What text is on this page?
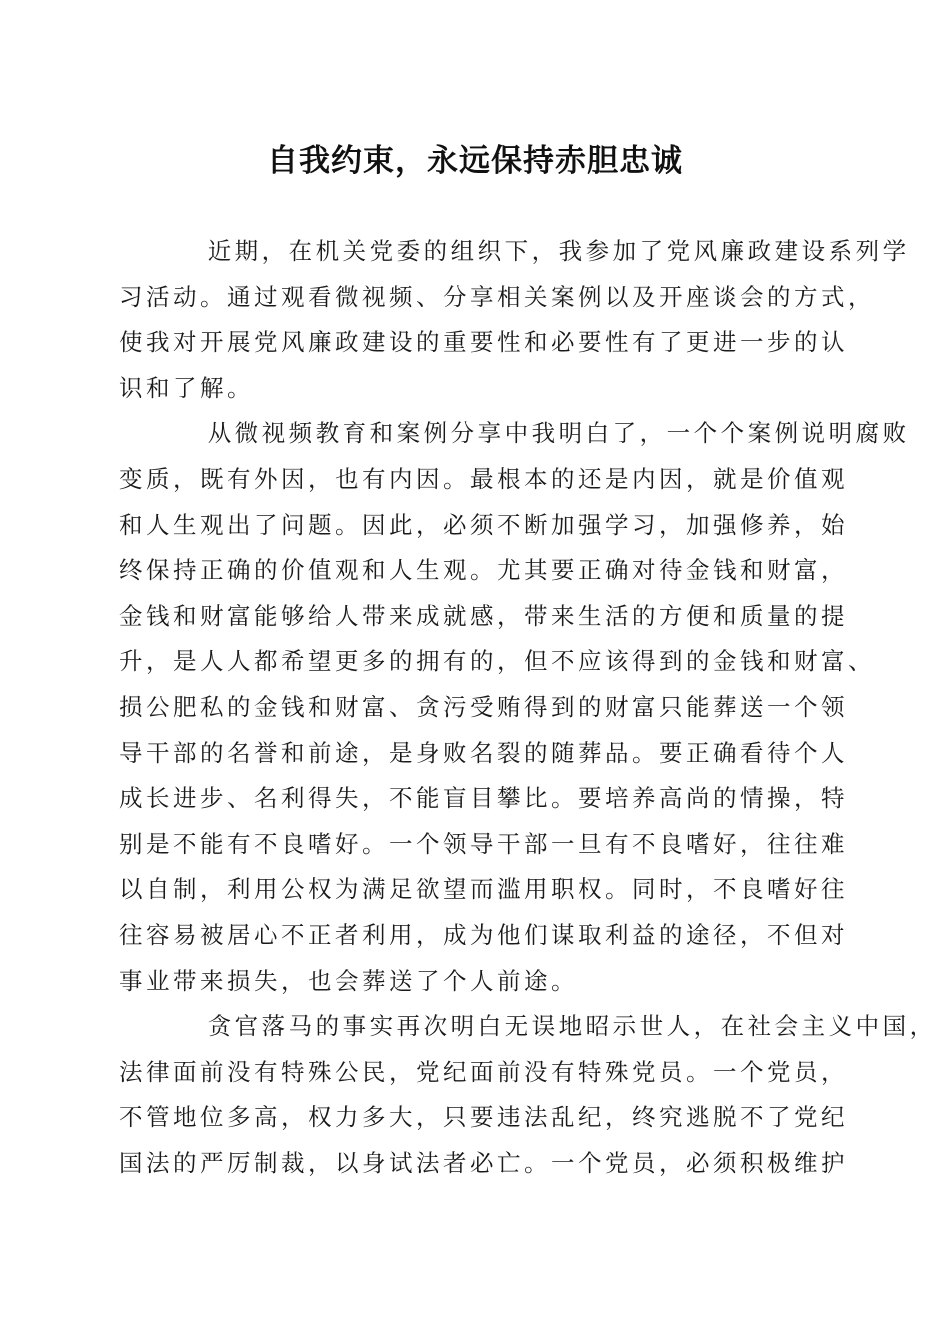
自我约束，永远保持赤胆忠诚

近期，在机关党委的组织下，我参加了党风廉政建设系列学
习活动。通过观看微视频、分享相关案例以及开座谈会的方式，
使我对开展党风廉政建设的重要性和必要性有了更进一步的认
识和了解。

从微视频教育和案例分享中我明白了，一个个案例说明腐败
变质，既有外因，也有内因。最根本的还是内因，就是价值观
和人生观出了问题。因此，必须不断加强学习，加强修养，始
终保持正确的价值观和人生观。尤其要正确对待金钱和财富，
金钱和财富能够给人带来成就感，带来生活的方便和质量的提
升，是人人都希望更多的拥有的，但不应该得到的金钱和财富、
损公肥私的金钱和财富、贪污受贿得到的财富只能葬送一个领
导干部的名誉和前途，是身败名裂的随葬品。要正确看待个人
成长进步、名利得失，不能盲目攀比。要培养高尚的情操，特
别是不能有不良嗜好。一个领导干部一旦有不良嗜好，往往难
以自制，利用公权为满足欲望而滥用职权。同时，不良嗜好往
往容易被居心不正者利用，成为他们谋取利益的途径，不但对
事业带来损失，也会葬送了个人前途。

贪官落马的事实再次明白无误地昭示世人，在社会主义中国，
法律面前没有特殊公民，党纪面前没有特殊党员。一个党员，
不管地位多高，权力多大，只要违法乱纪，终究逃脱不了党纪
国法的严厉制裁，以身试法者必亡。一个党员，必须积极维护
